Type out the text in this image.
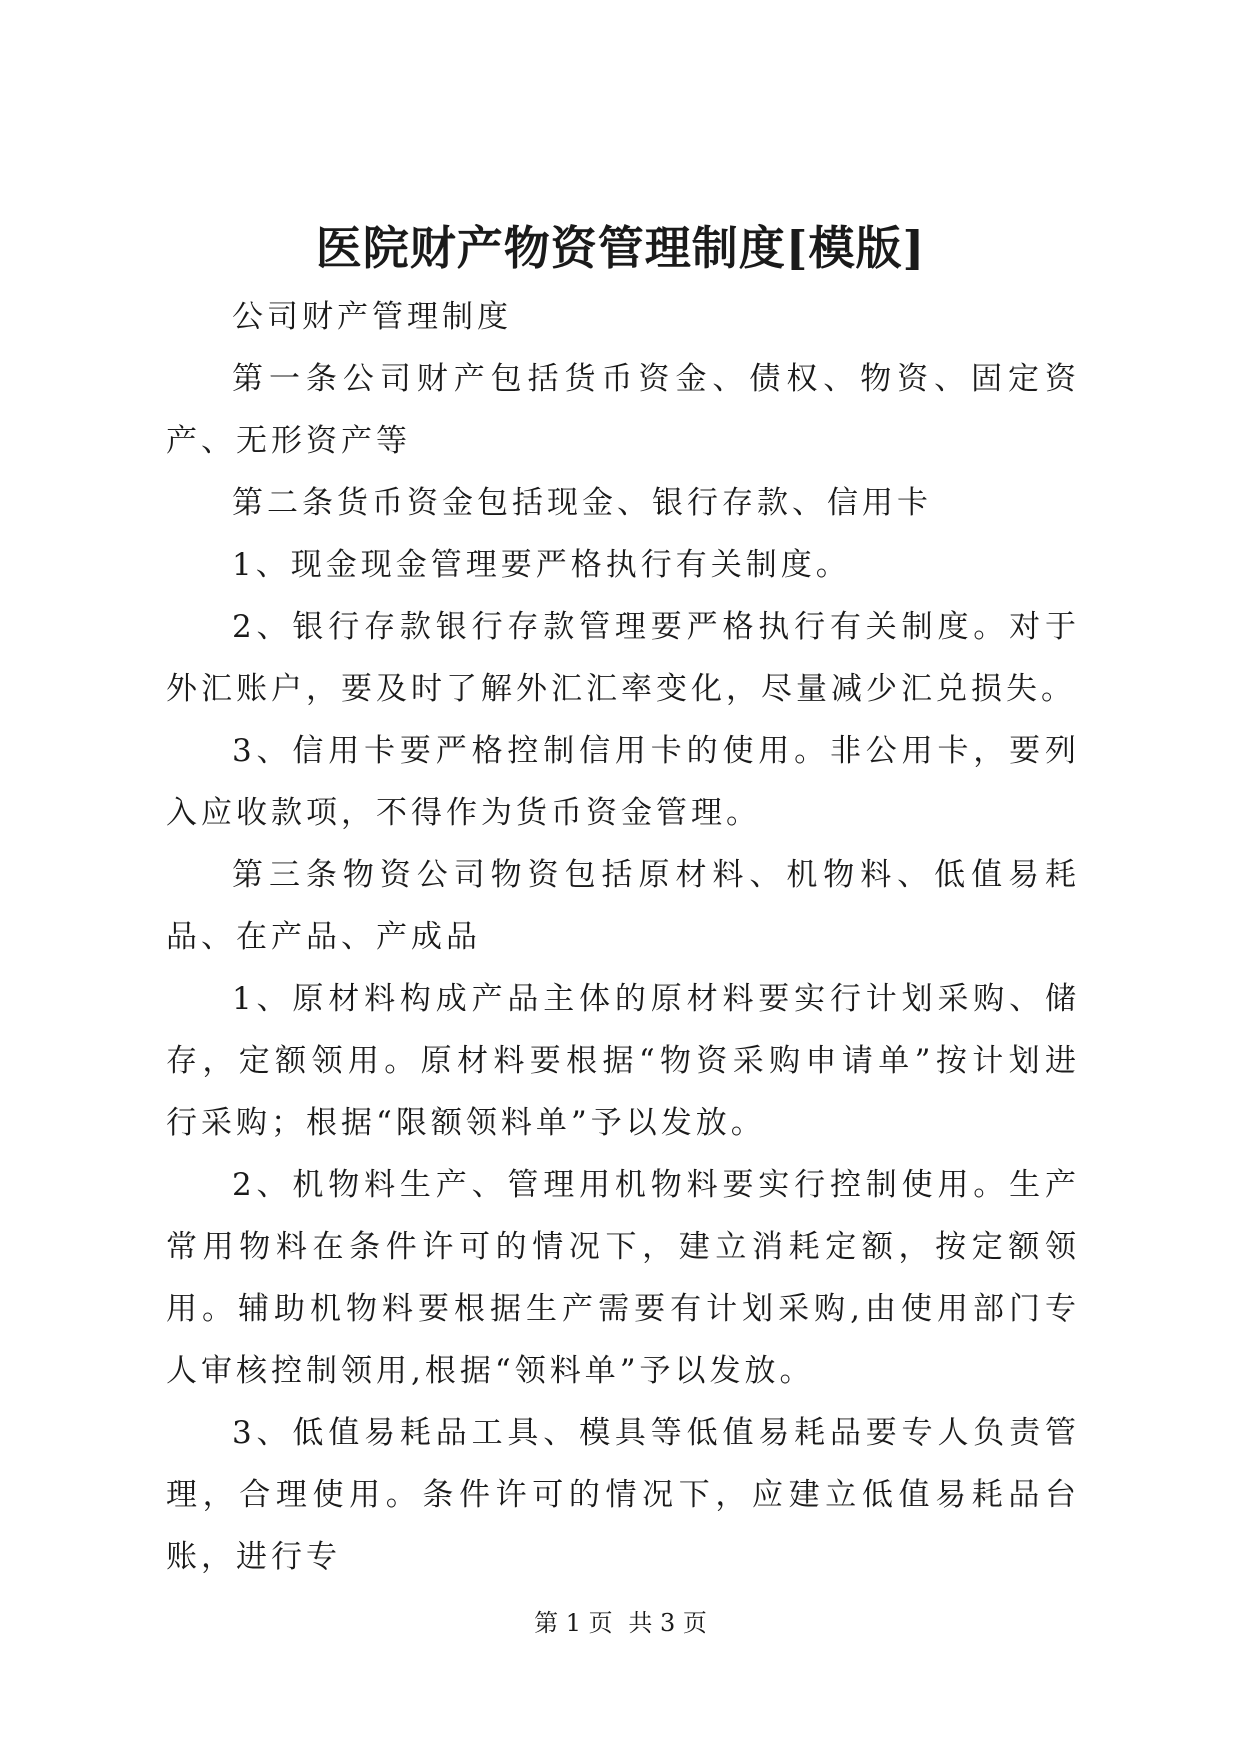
医院财产物资管理制度[模版]

公司财产管理制度

第一条公司财产包括货币资金、债权、物资、固定资产、无形资产等

第二条货币资金包括现金、银行存款、信用卡

1、现金现金管理要严格执行有关制度。

2、银行存款银行存款管理要严格执行有关制度。对于外汇账户，要及时了解外汇汇率变化，尽量减少汇兑损失。

3、信用卡要严格控制信用卡的使用。非公用卡，要列入应收款项，不得作为货币资金管理。

第三条物资公司物资包括原材料、机物料、低值易耗品、在产品、产成品

1、原材料构成产品主体的原材料要实行计划采购、储存，定额领用。原材料要根据“物资采购申请单”按计划进行采购；根据“限额领料单”予以发放。

2、机物料生产、管理用机物料要实行控制使用。生产常用物料在条件许可的情况下，建立消耗定额，按定额领用。辅助机物料要根据生产需要有计划采购,由使用部门专人审核控制领用,根据“领料单”予以发放。

3、低值易耗品工具、模具等低值易耗品要专人负责管理，合理使用。条件许可的情况下，应建立低值易耗品台账，进行专

第 1 页 共 3 页
